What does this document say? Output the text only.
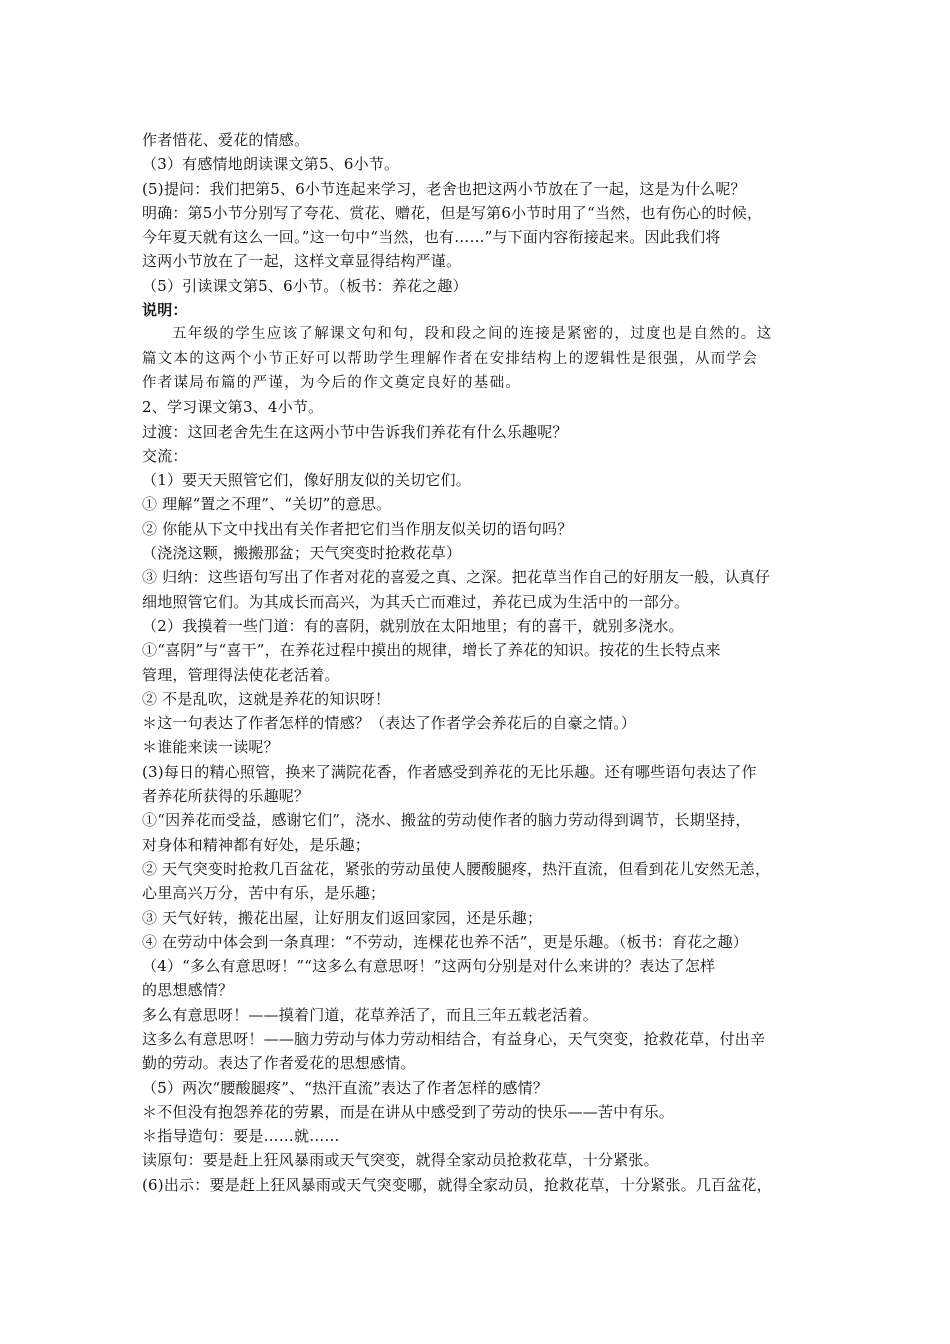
作者惜花、爱花的情感。
（3）有感情地朗读课文第5、6小节。
(5)提问：我们把第5、6小节连起来学习，老舍也把这两小节放在了一起，这是为什么呢？
明确：第5小节分别写了夸花、赏花、赠花，但是写第6小节时用了“当然，也有伤心的时候，
今年夏天就有这么一回。”这一句中“当然，也有……”与下面内容衔接起来。因此我们将
这两小节放在了一起，这样文章显得结构严谨。
（5）引读课文第5、6小节。（板书：养花之趣）
说明：
五年级的学生应该了解课文句和句，段和段之间的连接是紧密的，过度也是自然的。这
篇文本的这两个小节正好可以帮助学生理解作者在安排结构上的逻辑性是很强，从而学会
作者谋局布篇的严谨，为今后的作文奠定良好的基础。
2、学习课文第3、4小节。
过渡：这回老舍先生在这两小节中告诉我们养花有什么乐趣呢？
交流：
（1）要天天照管它们，像好朋友似的关切它们。
① 理解“置之不理”、“关切”的意思。
② 你能从下文中找出有关作者把它们当作朋友似关切的语句吗？
（浇浇这颗，搬搬那盆；天气突变时抢救花草）
③ 归纳：这些语句写出了作者对花的喜爱之真、之深。把花草当作自己的好朋友一般，认真仔
细地照管它们。为其成长而高兴，为其夭亡而难过，养花已成为生活中的一部分。
（2）我摸着一些门道：有的喜阴，就别放在太阳地里；有的喜干，就别多浇水。
①“喜阴”与“喜干”，在养花过程中摸出的规律，增长了养花的知识。按花的生长特点来
管理，管理得法使花老活着。
② 不是乱吹，这就是养花的知识呀！
＊这一句表达了作者怎样的情感？（表达了作者学会养花后的自豪之情。）
＊谁能来读一读呢？
(3)每日的精心照管，换来了满院花香，作者感受到养花的无比乐趣。还有哪些语句表达了作
者养花所获得的乐趣呢？
①“因养花而受益，感谢它们”，浇水、搬盆的劳动使作者的脑力劳动得到调节，长期坚持，
对身体和精神都有好处，是乐趣；
② 天气突变时抢救几百盆花，紧张的劳动虽使人腰酸腿疼，热汗直流，但看到花儿安然无恙，
心里高兴万分，苦中有乐，是乐趣；
③ 天气好转，搬花出屋，让好朋友们返回家园，还是乐趣；
④ 在劳动中体会到一条真理：“不劳动，连棵花也养不活”，更是乐趣。（板书：育花之趣）
（4）“多么有意思呀！”“这多么有意思呀！”这两句分别是对什么来讲的？表达了怎样
的思想感情？
多么有意思呀！——摸着门道，花草养活了，而且三年五载老活着。
这多么有意思呀！——脑力劳动与体力劳动相结合，有益身心，天气突变，抢救花草，付出辛
勤的劳动。表达了作者爱花的思想感情。
（5）两次“腰酸腿疼”、“热汗直流”表达了作者怎样的感情？
＊不但没有抱怨养花的劳累，而是在讲从中感受到了劳动的快乐——苦中有乐。
＊指导造句：要是……就……
读原句：要是赶上狂风暴雨或天气突变，就得全家动员抢救花草，十分紧张。
(6)出示：要是赶上狂风暴雨或天气突变哪，就得全家动员，抢救花草，十分紧张。几百盆花，
